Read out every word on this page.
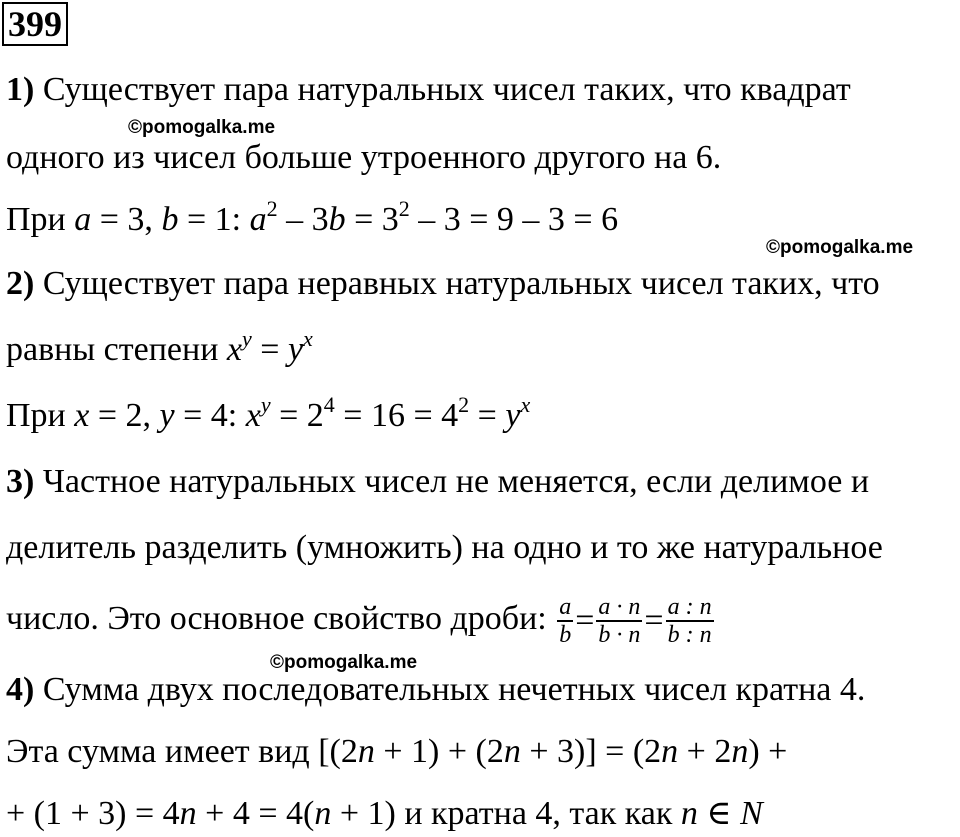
399
1) Существует пара натуральных чисел таких, что квадрат
©pomogalka.me
одного из чисел больше утроенного другого на 6.
При a = 3, b = 1: $a^2 - 3b = 3^2 - 3 = 9 - 3 = 6$
©pomogalka.me
2) Существует пара неравных натуральных чисел таких, что
равны степени $x^y = y^x$
При x = 2, y = 4: $x^y = 2^4 = 16 = 4^2 = y^x$
3) Частное натуральных чисел не меняется, если делимое и
делитель разделить (умножить) на одно и то же натуральное
число. Это основное свойство дроби: $\frac{a}{b} = \frac{a \cdot n}{b \cdot n} = \frac{a : n}{b : n}$
©pomogalka.me
4) Сумма двух последовательных нечетных чисел кратна 4.
Эта сумма имеет вид [(2n + 1) + (2n + 3)] = (2n + 2n) +
+ (1 + 3) = 4n + 4 = 4(n + 1) и кратна 4, так как n ∈ N
